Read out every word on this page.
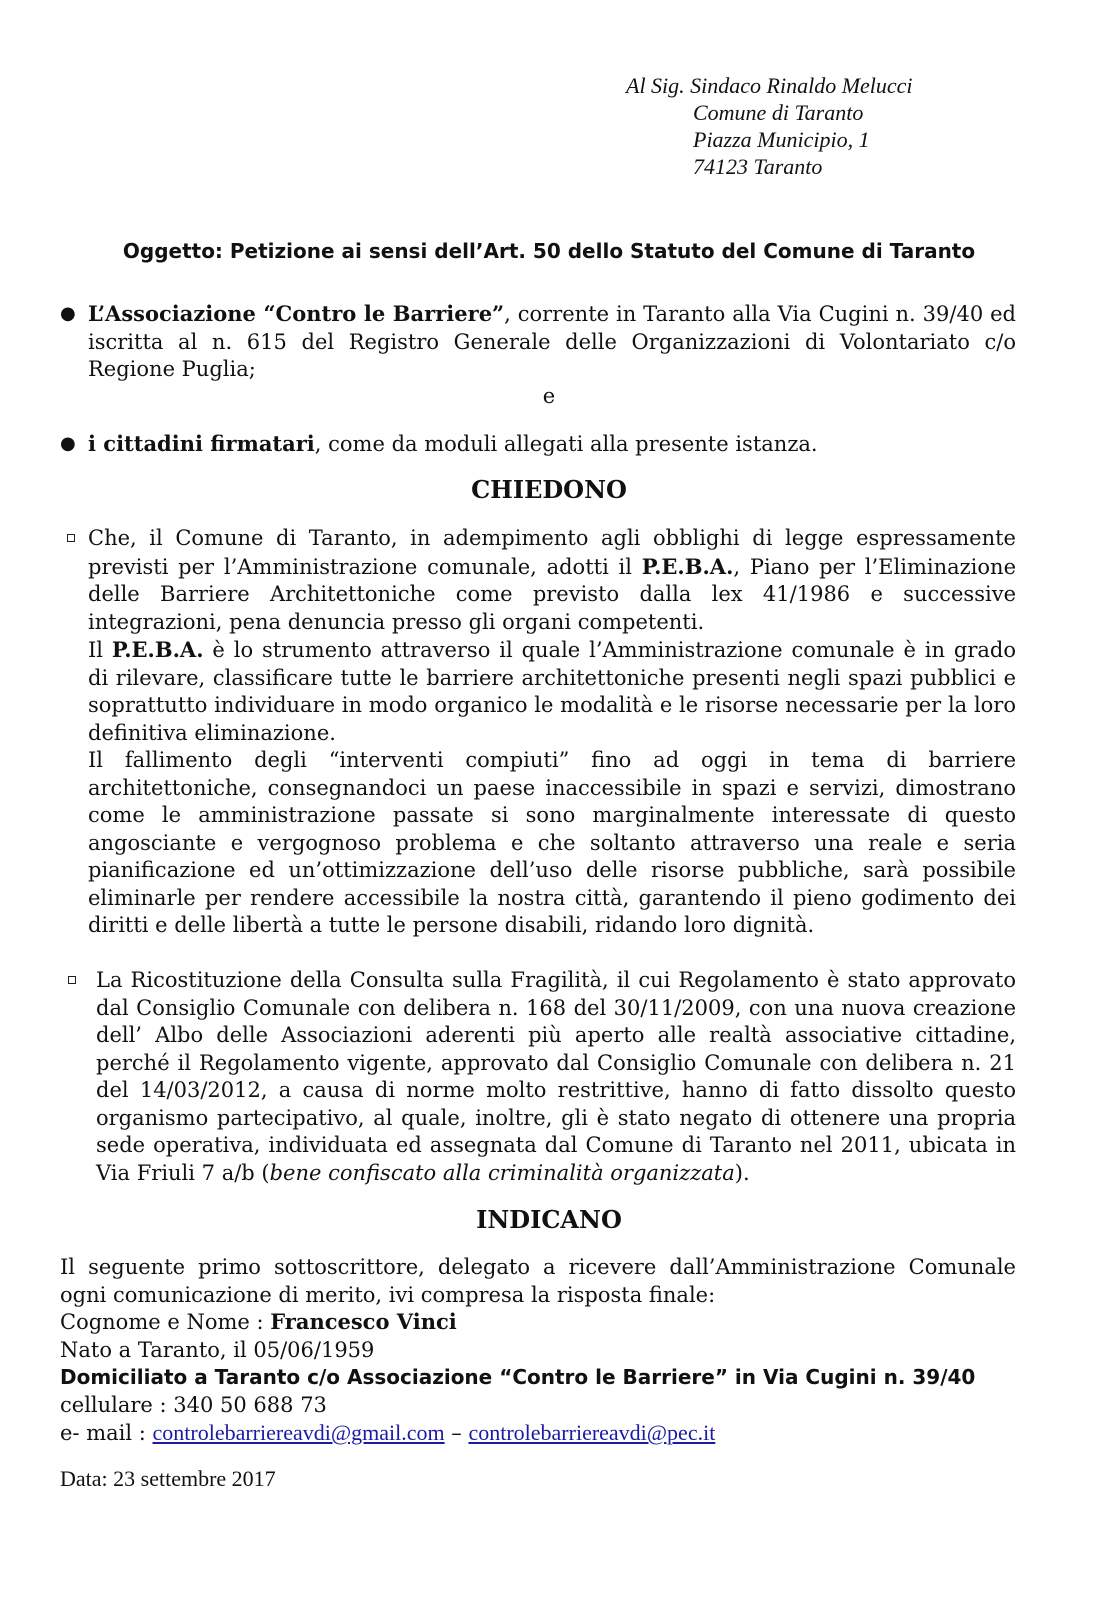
Al Sig. Sindaco Rinaldo Melucci
Comune di Taranto
Piazza Municipio, 1
74123 Taranto
Oggetto: Petizione ai sensi dell’Art. 50 dello Statuto del Comune di Taranto
● L’Associazione “Contro le Barriere”, corrente in Taranto alla Via Cugini n. 39/40 ed iscritta al n. 615 del Registro Generale delle Organizzazioni di Volontariato c/o Regione Puglia;
e
● i cittadini firmatari, come da moduli allegati alla presente istanza.
CHIEDONO

Che, il Comune di Taranto, in adempimento agli obblighi di legge espressamente previsti per l’Amministrazione comunale, adotti il P.E.B.A., Piano per l’Eliminazione delle Barriere Architettoniche come previsto dalla lex 41/1986 e successive integrazioni, pena denuncia presso gli organi competenti.

Il P.E.B.A. è lo strumento attraverso il quale l’Amministrazione comunale è in grado di rilevare, classificare tutte le barriere architettoniche presenti negli spazi pubblici e soprattutto individuare in modo organico le modalità e le risorse necessarie per la loro definitiva eliminazione.

Il fallimento degli “interventi compiuti” fino ad oggi in tema di barriere architettoniche, consegnandoci un paese inaccessibile in spazi e servizi, dimostrano come le amministrazione passate si sono marginalmente interessate di questo angosciante e vergognoso problema e che soltanto attraverso una reale e seria pianificazione ed un’ottimizzazione dell’uso delle risorse pubbliche, sarà possibile eliminarle per rendere accessibile la nostra città, garantendo il pieno godimento dei diritti e delle libertà a tutte le persone disabili, ridando loro dignità.

La Ricostituzione della Consulta sulla Fragilità, il cui Regolamento è stato approvato dal Consiglio Comunale con delibera n. 168 del 30/11/2009, con una nuova creazione dell’ Albo delle Associazioni aderenti più aperto alle realtà associative cittadine, perché il Regolamento vigente, approvato dal Consiglio Comunale con delibera n. 21 del 14/03/2012, a causa di norme molto restrittive, hanno di fatto dissolto questo organismo partecipativo, al quale, inoltre, gli è stato negato di ottenere una propria sede operativa, individuata ed assegnata dal Comune di Taranto nel 2011, ubicata in Via Friuli 7 a/b (bene confiscato alla criminalità organizzata).
INDICANO
Il seguente primo sottoscrittore, delegato a ricevere dall’Amministrazione Comunale ogni comunicazione di merito, ivi compresa la risposta finale:
Cognome e Nome : Francesco Vinci
Nato a Taranto, il 05/06/1959
Domiciliato a Taranto c/o Associazione “Contro le Barriere” in Via Cugini n. 39/40
cellulare : 340 50 688 73
e- mail : controlebarriereavdi@gmail.com – controlebarriereavdi@pec.it
Data: 23 settembre 2017
